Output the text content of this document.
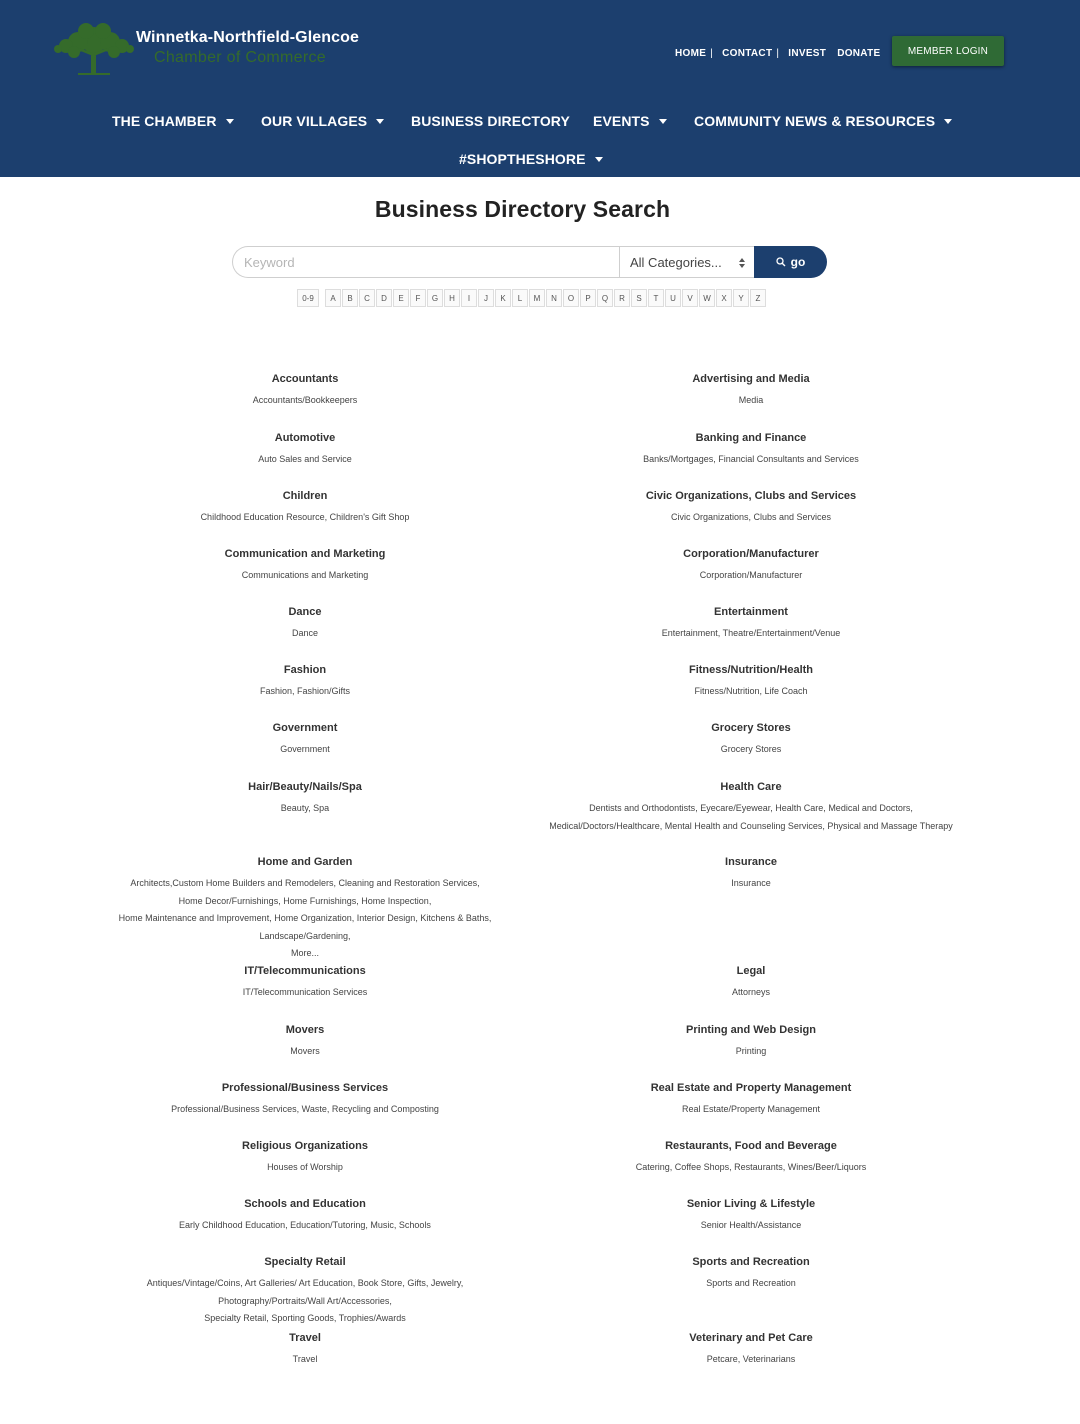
Winnetka-Northfield-Glencoe
Chamber of Commerce	HOME | CONTACT | INVEST DONATE	MEMBER LOGIN
THE CHAMBER	OUR VILLAGES	BUSINESS DIRECTORY EVENTS	COMMUNITY NEWS & RESOURCES
#SHOPTHESHORE
Business Directory Search
Keyword
All Categories...	go
0-9	A	B	C	D	E	F	G	H	I	J	K	L	M	N	O	P	Q	R	S	T	U	V	W	X	Y	Z
Accountants
Accountants/Bookkeepers
Automotive
Auto Sales and Service
Children
Childhood Education Resource, Children's Gift Shop
Communication and Marketing
Communications and Marketing
Dance
Dance
Fashion
Fashion, Fashion/Gifts
Government
Government
Hair/Beauty/Nails/Spa
Beauty, Spa
Home and Garden
Architects,Custom Home Builders and Remodelers, Cleaning and Restoration Services,
Home Decor/Furnishings, Home Furnishings, Home Inspection,
Home Maintenance and Improvement, Home Organization, Interior Design, Kitchens & Baths, Landscape/Gardening,
More...
IT/Telecommunications
IT/Telecommunication Services
Movers
Movers
Professional/Business Services
Professional/Business Services, Waste, Recycling and Composting
Religious Organizations
Houses of Worship
Schools and Education
Early Childhood Education, Education/Tutoring, Music, Schools
Specialty Retail
Antiques/Vintage/Coins, Art Galleries/ Art Education, Book Store, Gifts, Jewelry, Photography/Portraits/Wall Art/Accessories,
Specialty Retail, Sporting Goods, Trophies/Awards
Travel
Travel
Advertising and Media
Media
Banking and Finance
Banks/Mortgages, Financial Consultants and Services
Civic Organizations, Clubs and Services
Civic Organizations, Clubs and Services
Corporation/Manufacturer
Corporation/Manufacturer
Entertainment
Entertainment, Theatre/Entertainment/Venue
Fitness/Nutrition/Health
Fitness/Nutrition, Life Coach
Grocery Stores
Grocery Stores
Health Care
Dentists and Orthodontists, Eyecare/Eyewear, Health Care, Medical and Doctors,
Medical/Doctors/Healthcare, Mental Health and Counseling Services, Physical and Massage Therapy
Insurance
Insurance
Legal
Attorneys
Printing and Web Design
Printing
Real Estate and Property Management
Real Estate/Property Management
Restaurants, Food and Beverage
Catering, Coffee Shops, Restaurants, Wines/Beer/Liquors
Senior Living & Lifestyle
Senior Health/Assistance
Sports and Recreation
Sports and Recreation
Veterinary and Pet Care
Petcare, Veterinarians
